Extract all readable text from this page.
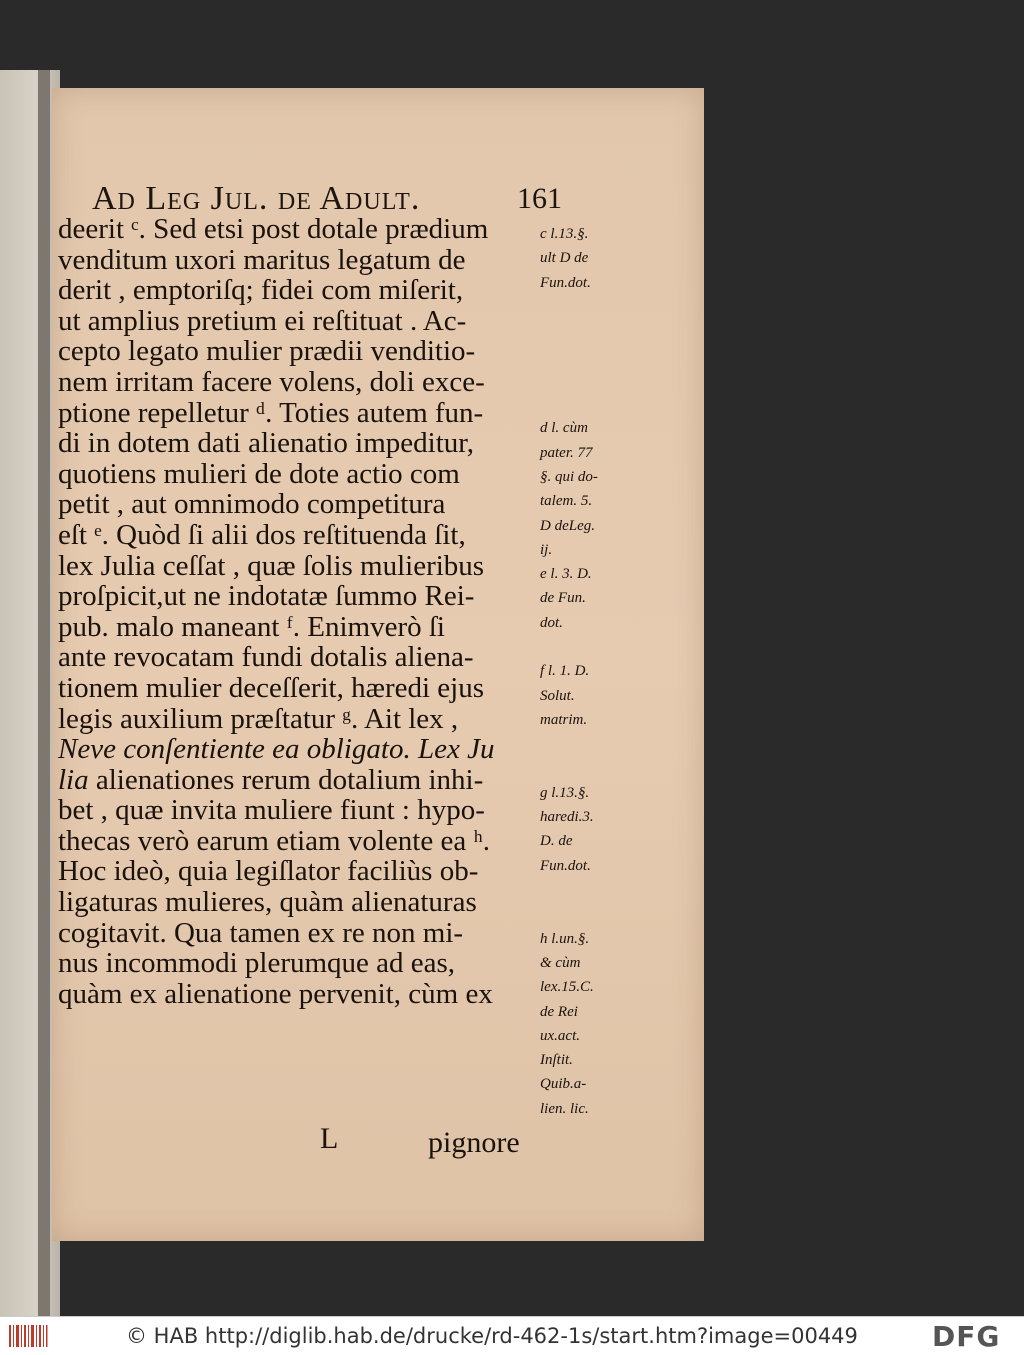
Ad Leg Jul. de Adult.	161
deerit ᶜ. Sed etsi post dotale prædium
venditum uxori maritus legatum de
derit , emptoriſq; fidei com miſerit,
ut amplius pretium ei reſtituat . Ac-
cepto legato mulier prædii venditio-
nem irritam facere volens, doli exce-
ptione repelletur ᵈ. Toties autem fun-
di in dotem dati alienatio impeditur,
quotiens mulieri de dote actio com
petit , aut omnimodo competitura
eſt ᵉ. Quòd ſi alii dos reſtituenda ſit,
lex Julia ceſſat , quæ ſolis mulieribus
proſpicit,ut ne indotatæ ſummo Rei-
pub. malo maneant ᶠ. Enimverò ſi
ante revocatam fundi dotalis aliena-
tionem mulier deceſſerit, hæredi ejus
legis auxilium præſtatur ᵍ. Ait lex ,
Neve conſentiente ea obligato. Lex Ju
lia alienationes rerum dotalium inhi-
bet , quæ invita muliere fiunt : hypo-
thecas verò earum etiam volente ea ʰ.
Hoc ideò, quia legiſlator faciliùs ob-
ligaturas mulieres, quàm alienaturas
cogitavit. Qua tamen ex re non mi-
nus incommodi plerumque ad eas,
quàm ex alienatione pervenit, cùm ex
c l.13.§.
ult D de
Fun.dot.
d l. cùm
pater. 77
§. qui do-
talem. 5.
D deLeg.
ij.
e l. 3. D.
de Fun.
dot.
f l. 1. D.
Solut.
matrim.
g l.13.§.
haredi.3.
D. de
Fun.dot.
h l.un.§.
& cùm
lex.15.C.
de Rei
ux.act.
Inſtit.
Quib.a-
lien. lic.
L	pignore
© HAB http://diglib.hab.de/drucke/rd-462-1s/start.htm?image=00449	DFG
